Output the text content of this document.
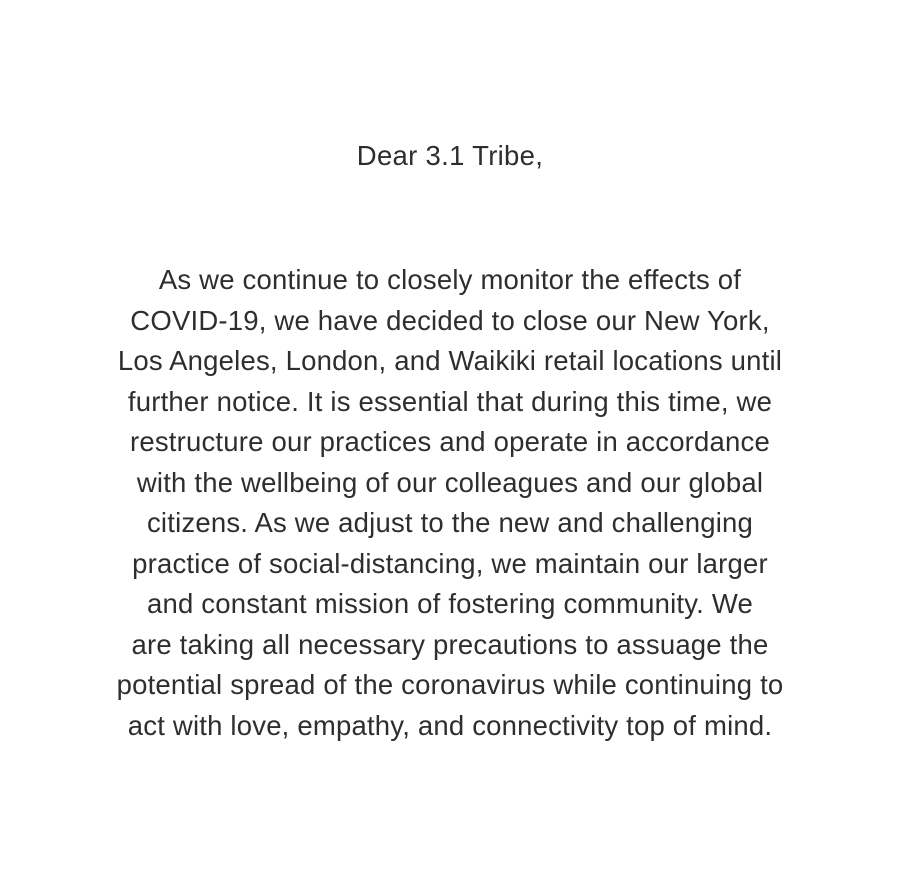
Dear 3.1 Tribe,
As we continue to closely monitor the effects of
COVID-19, we have decided to close our New York,
Los Angeles, London, and Waikiki retail locations until
further notice. It is essential that during this time, we
restructure our practices and operate in accordance
with the wellbeing of our colleagues and our global
citizens. As we adjust to the new and challenging
practice of social-distancing, we maintain our larger
and constant mission of fostering community. We
are taking all necessary precautions to assuage the
potential spread of the coronavirus while continuing to
act with love, empathy, and connectivity top of mind.
